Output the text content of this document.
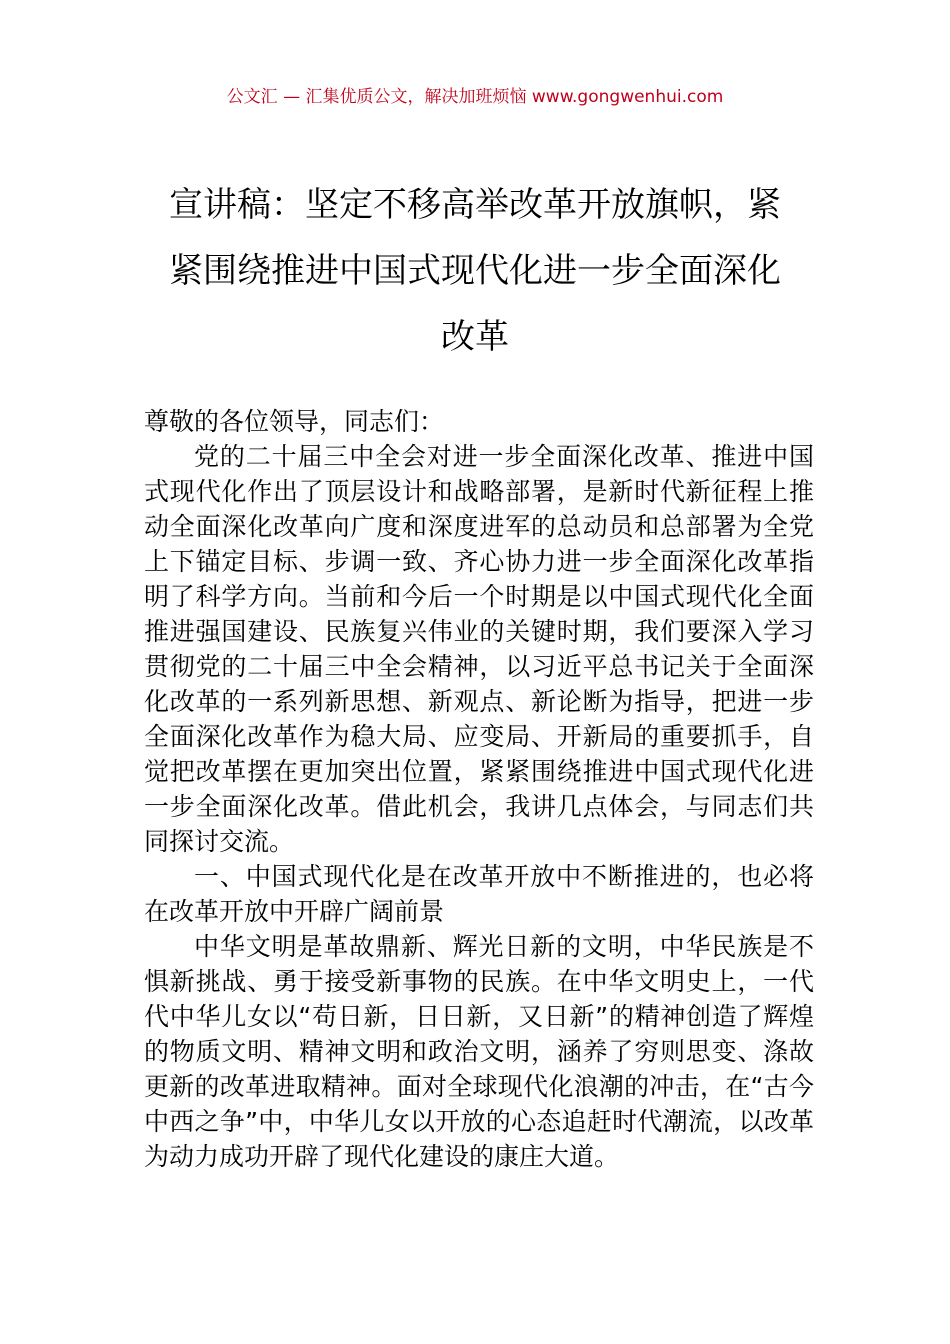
公文汇 — 汇集优质公文，解决加班烦恼 www.gongwenhui.com
宣讲稿：坚定不移高举改革开放旗帜，紧
紧围绕推进中国式现代化进一步全面深化
改革

尊敬的各位领导，同志们：

党的二十届三中全会对进一步全面深化改革、推进中国式现代化作出了顶层设计和战略部署，是新时代新征程上推动全面深化改革向广度和深度进军的总动员和总部署为全党上下锚定目标、步调一致、齐心协力进一步全面深化改革指明了科学方向。当前和今后一个时期是以中国式现代化全面推进强国建设、民族复兴伟业的关键时期，我们要深入学习贯彻党的二十届三中全会精神，以习近平总书记关于全面深化改革的一系列新思想、新观点、新论断为指导，把进一步全面深化改革作为稳大局、应变局、开新局的重要抓手，自觉把改革摆在更加突出位置，紧紧围绕推进中国式现代化进一步全面深化改革。借此机会，我讲几点体会，与同志们共同探讨交流。

一、中国式现代化是在改革开放中不断推进的，也必将在改革开放中开辟广阔前景

中华文明是革故鼎新、辉光日新的文明，中华民族是不惧新挑战、勇于接受新事物的民族。在中华文明史上，一代代中华儿女以“苟日新，日日新，又日新”的精神创造了辉煌的物质文明、精神文明和政治文明，涵养了穷则思变、涤故更新的改革进取精神。面对全球现代化浪潮的冲击，在“古今中西之争”中，中华儿女以开放的心态追赶时代潮流，以改革为动力成功开辟了现代化建设的康庄大道。
